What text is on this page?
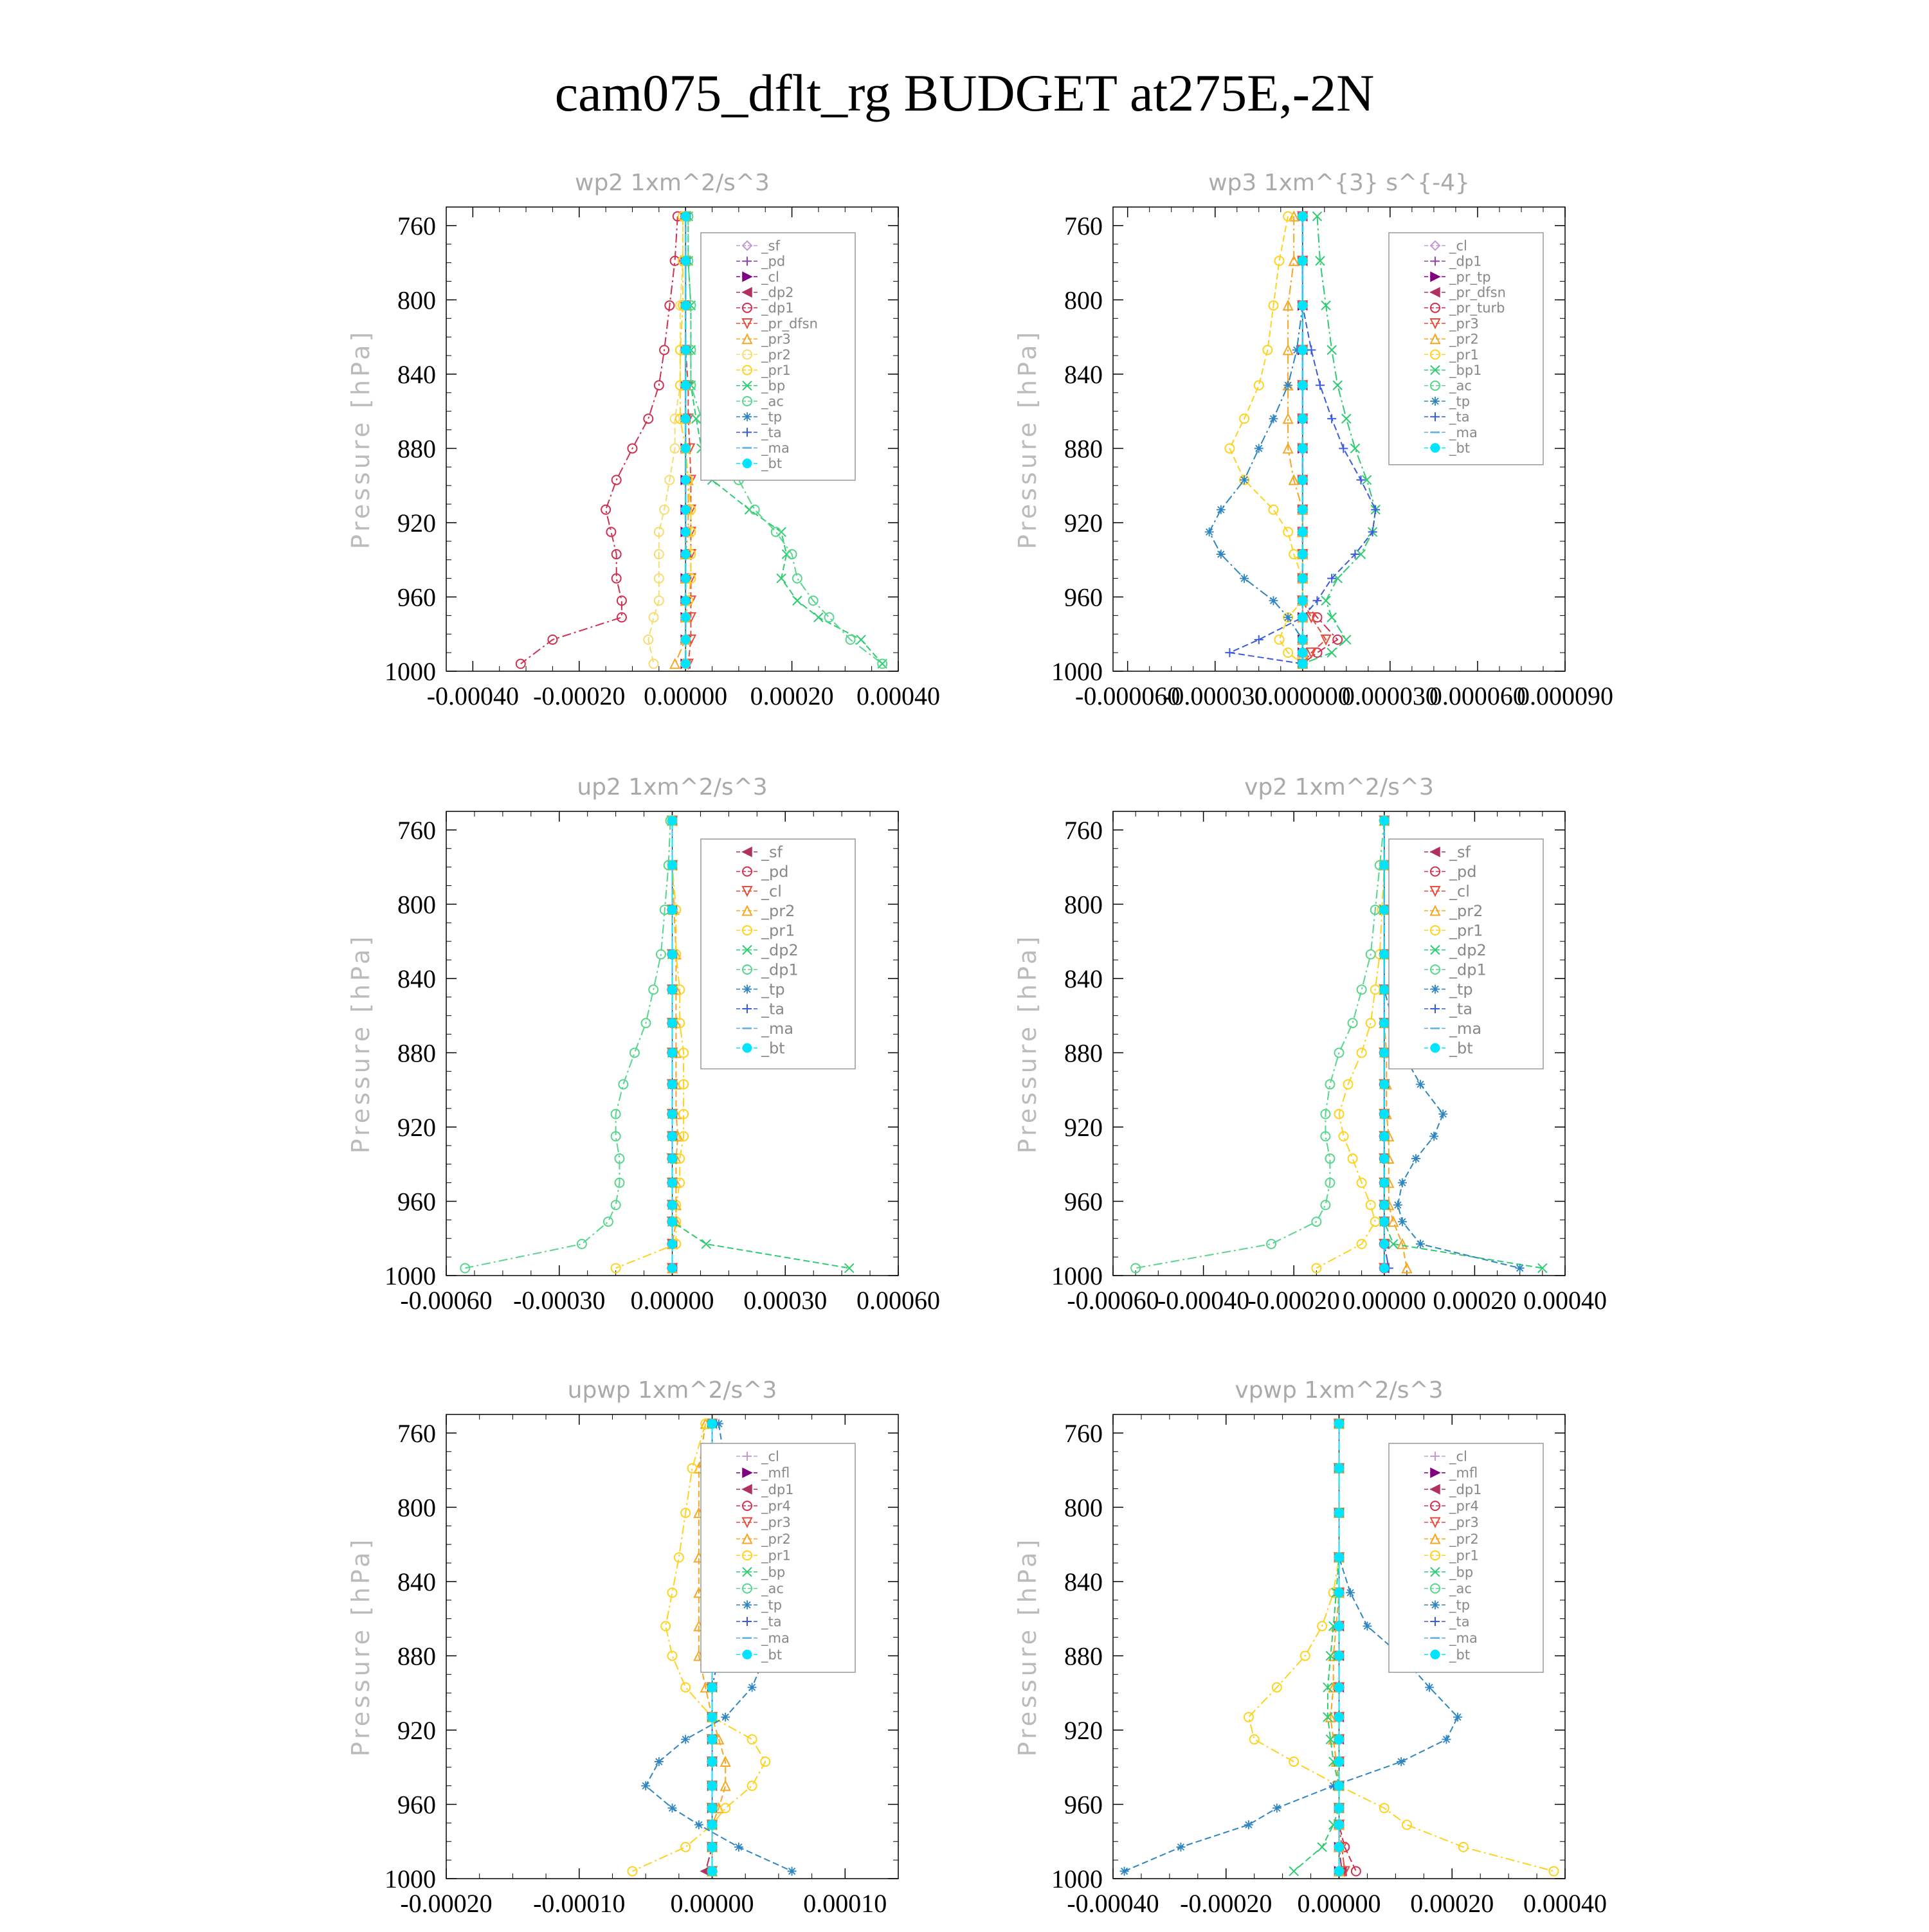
cam075_dflt_rg BUDGET at275E,-2N
wp2 1xm^2/s^3
Pressure [hPa]
760
800
840
880
920
960
1000
-0.00040 -0.00020 0.00000 0.00020 0.00040
_sf
_pd
_cl
_dp2
_dp1
_pr_dfsn
_pr3
_pr2
_pr1
_bp
_ac
_tp
_ta
_ma
_bt
wp3 1xm^{3} s^{-4}
Pressure [hPa]
760
800
840
880
920
960
1000
-0.000060
-0.000030
0.000000
0.000030
0.000060
0.000090
_cl
_dp1
_pr_tp
_pr_dfsn
_pr_turb
_pr3
_pr2
_pr1
_bp1
_ac
_tp
_ta
_ma
_bt
up2 1xm^2/s^3
Pressure [hPa]
760
800
840
880
920
960
1000
-0.00060 -0.00030 0.00000 0.00030 0.00060
_sf
_pd
_cl
_pr2
_pr1
_dp2
_dp1
_tp
_ta
_ma
_bt
vp2 1xm^2/s^3
Pressure [hPa]
760
800
840
880
920
960
1000
-0.00060
-0.00040
-0.00020 0.00000 0.00020 0.00040
_sf
_pd
_cl
_pr2
_pr1
_dp2
_dp1
_tp
_ta
_ma
_bt
upwp 1xm^2/s^3
Pressure [hPa]
760
800
840
880
920
960
1000
-0.00020 -0.00010 0.00000 0.00010
_cl
_mfl
_dp1
_pr4
_pr3
_pr2
_pr1
_bp
_ac
_tp
_ta
_ma
_bt
vpwp 1xm^2/s^3
Pressure [hPa]
760
800
840
880
920
960
1000
-0.00040 -0.00020 0.00000 0.00020 0.00040
_cl
_mfl
_dp1
_pr4
_pr3
_pr2
_pr1
_bp
_ac
_tp
_ta
_ma
_bt
